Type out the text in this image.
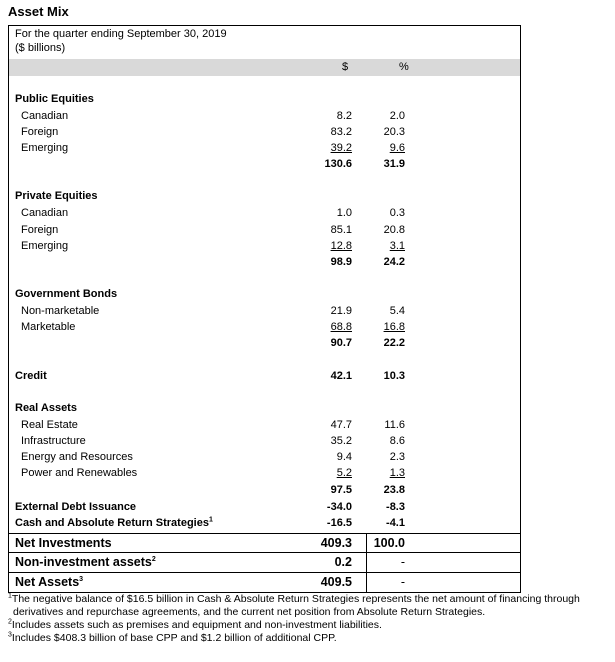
Asset Mix
For the quarter ending September 30, 2019
($ billions)
$	%
Public Equities
Canadian	8.2	2.0
Foreign	83.2	20.3
Emerging	39.2	9.6
130.6	31.9
Private Equities
Canadian	1.0	0.3
Foreign	85.1	20.8
Emerging	12.8	3.1
98.9	24.2
Government Bonds
Non-marketable	21.9	5.4
Marketable	68.8	16.8
90.7	22.2
Credit	42.1	10.3
Real Assets
Real Estate	47.7	11.6
Infrastructure	35.2	8.6
Energy and Resources	9.4	2.3
Power and Renewables	5.2	1.3
97.5	23.8
External Debt Issuance	-34.0	-8.3
Cash and Absolute Return Strategies$^1$	-16.5	-4.1
Net Investments	409.3 100.0
Non-investment assets$^2$	0.2	-
Net Assets$^3$	409.5	-
$^1$The negative balance of $16.5 billion in Cash & Absolute Return Strategies represents the net amount of financing through
derivatives and repurchase agreements, and the current net position from Absolute Return Strategies.
$^2$Includes assets such as premises and equipment and non-investment liabilities.
$^3$Includes $408.3 billion of base CPP and $1.2 billion of additional CPP.
